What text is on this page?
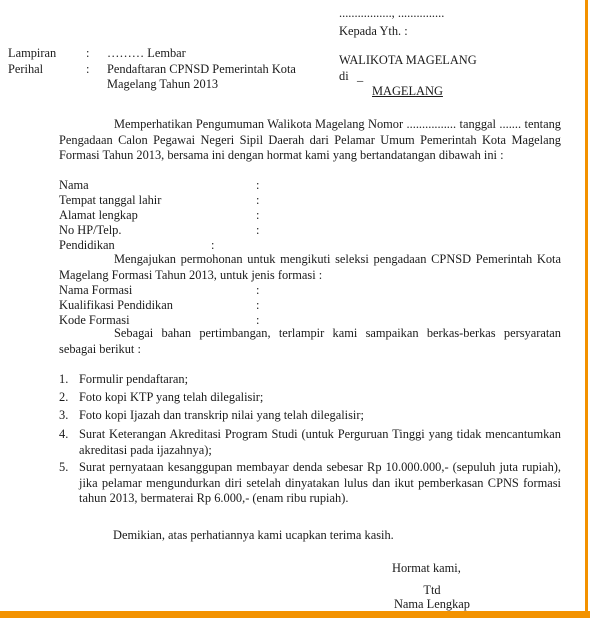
................., ...............
Kepada Yth. :
Lampiran : ……… Lembar
Perihal	: Pendaftaran CPNSD Pemerintah Kota
Magelang Tahun 2013
WALIKOTA MAGELANG
di _
MAGELANG
Memperhatikan Pengumuman Walikota Magelang Nomor ................ tanggal ....... tentang Pengadaan Calon Pegawai Negeri Sipil Daerah dari Pelamar Umum Pemerintah Kota Magelang Formasi Tahun 2013, bersama ini dengan hormat kami yang bertandatangan dibawah ini :
Nama	:
Tempat tanggal lahir	:
Alamat lengkap	:
No HP/Telp.	:
Pendidikan	:
Mengajukan permohonan untuk mengikuti seleksi pengadaan CPNSD Pemerintah Kota Magelang Formasi Tahun 2013, untuk jenis formasi :
Nama Formasi	:
Kualifikasi Pendidikan	:
Kode Formasi	:
Sebagai bahan pertimbangan, terlampir kami sampaikan berkas-berkas persyaratan sebagai berikut :
1. Formulir pendaftaran;
2. Foto kopi KTP yang telah dilegalisir;
3. Foto kopi Ijazah dan transkrip nilai yang telah dilegalisir;
4. Surat Keterangan Akreditasi Program Studi (untuk Perguruan Tinggi yang tidak mencantumkan akreditasi pada ijazahnya);
5. Surat pernyataan kesanggupan membayar denda sebesar Rp 10.000.000,- (sepuluh juta rupiah), jika pelamar mengundurkan diri setelah dinyatakan lulus dan ikut pemberkasan CPNS formasi tahun 2013, bermaterai Rp 6.000,- (enam ribu rupiah).
Demikian, atas perhatiannya kami ucapkan terima kasih.
Hormat kami,
Ttd
Nama Lengkap
